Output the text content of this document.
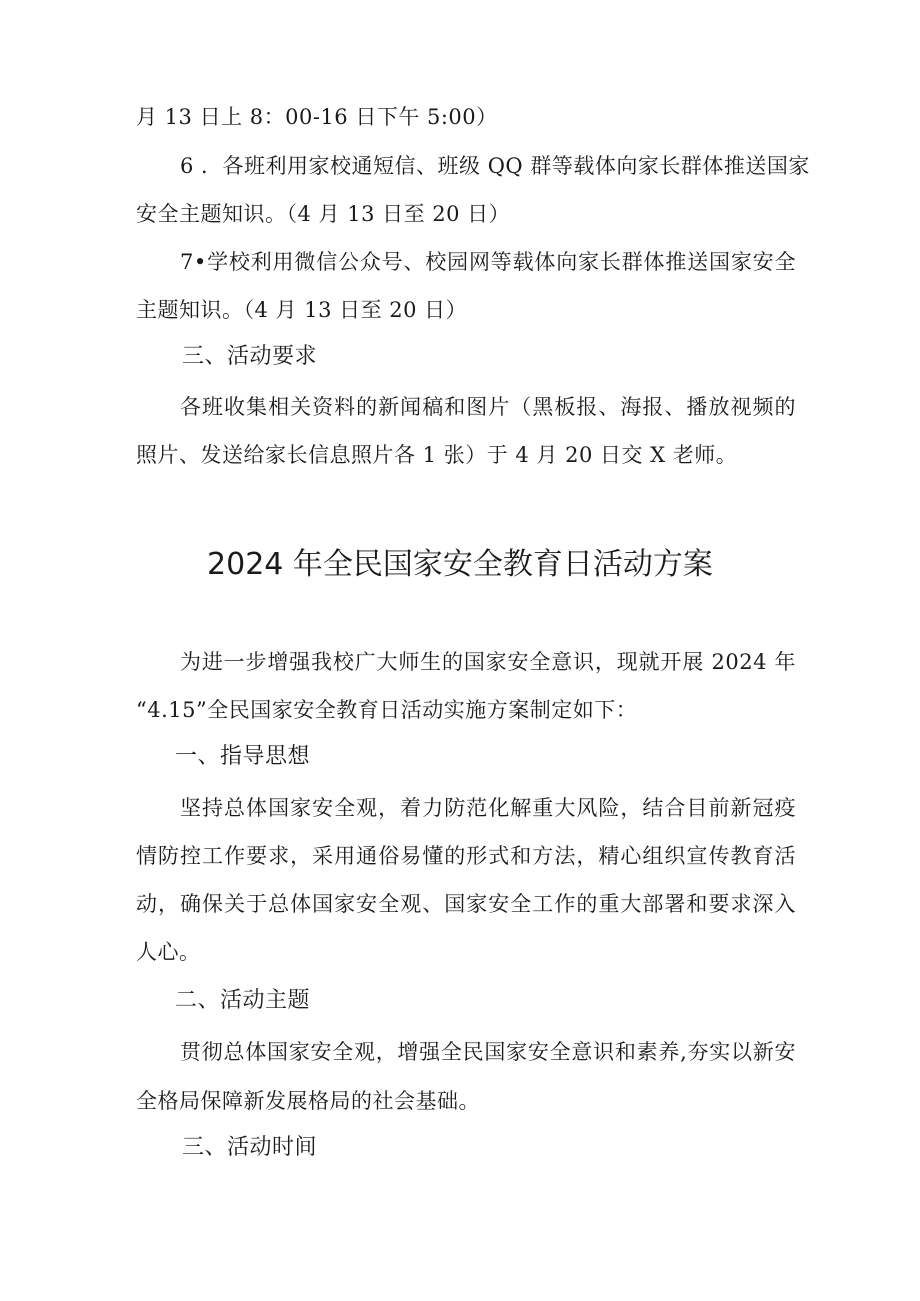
月 13 日上 8：00-16 日下午 5:00）
6 ．各班利用家校通短信、班级 QQ 群等载体向家长群体推送国家
安全主题知识。（4 月 13 日至 20 日）
7•学校利用微信公众号、校园网等载体向家长群体推送国家安全
主题知识。（4 月 13 日至 20 日）
三、活动要求
各班收集相关资料的新闻稿和图片（黑板报、海报、播放视频的
照片、发送给家长信息照片各 1 张）于 4 月 20 日交 X 老师。
2024 年全民国家安全教育日活动方案
为进一步增强我校广大师生的国家安全意识，现就开展 2024 年
“4.15”全民国家安全教育日活动实施方案制定如下：
一、指导思想
坚持总体国家安全观，着力防范化解重大风险，结合目前新冠疫
情防控工作要求，采用通俗易懂的形式和方法，精心组织宣传教育活
动，确保关于总体国家安全观、国家安全工作的重大部署和要求深入
人心。
二、活动主题
贯彻总体国家安全观，增强全民国家安全意识和素养,夯实以新安
全格局保障新发展格局的社会基础。
三、活动时间
